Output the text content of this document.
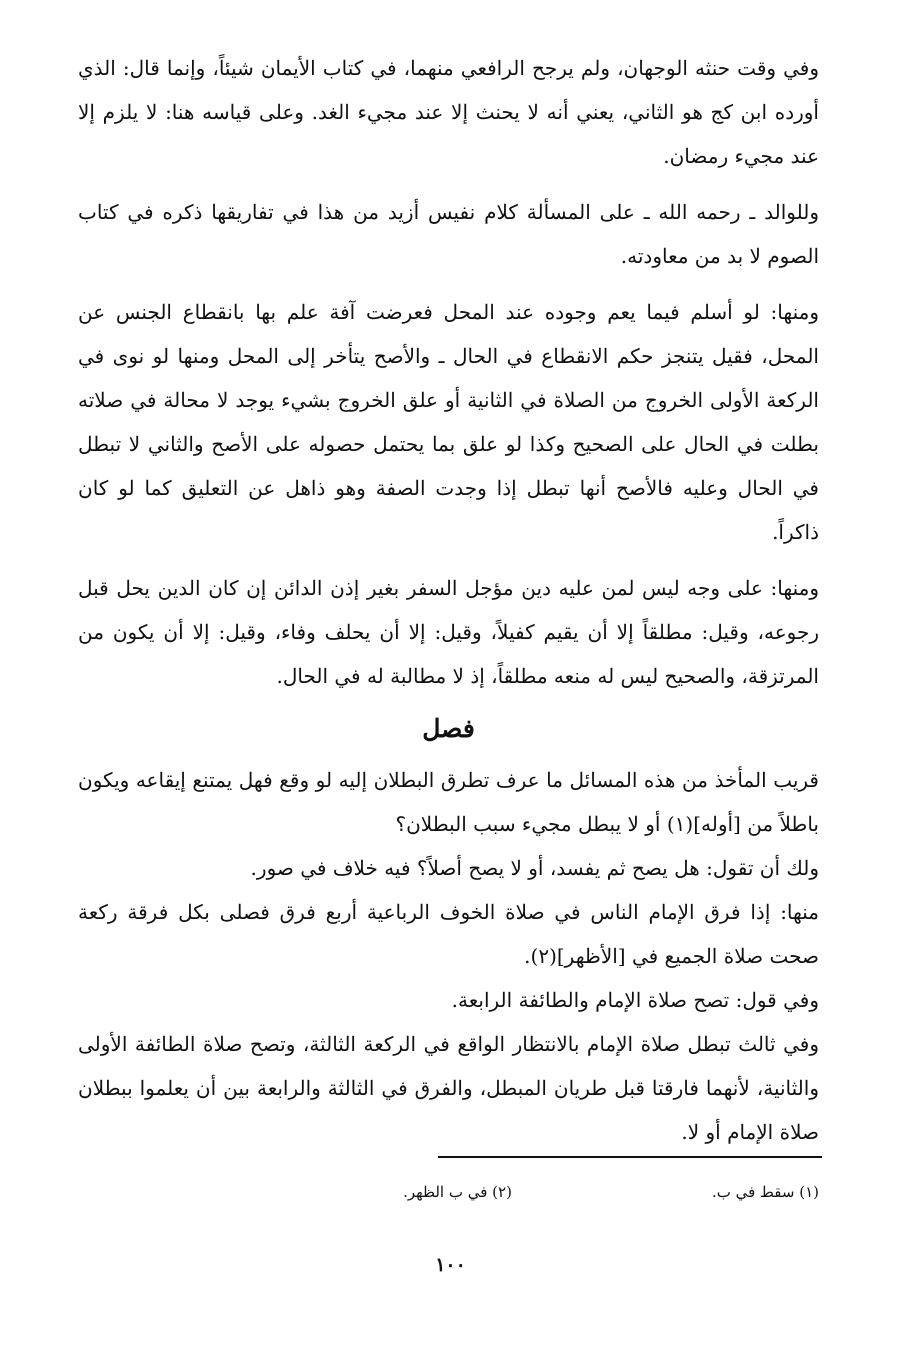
وفي وقت حنثه الوجهان، ولم يرجح الرافعي منهما، في كتاب الأيمان شيئاً، وإنما قال: الذي أورده ابن كج هو الثاني، يعني أنه لا يحنث إلا عند مجيء الغد. وعلى قياسه هنا: لا يلزم إلا عند مجيء رمضان.

وللوالد ـ رحمه الله ـ على المسألة كلام نفيس أزيد من هذا في تفاريقها ذكره في كتاب الصوم لا بد من معاودته.

ومنها: لو أسلم فيما يعم وجوده عند المحل فعرضت آفة علم بها بانقطاع الجنس عن المحل، فقيل يتنجز حكم الانقطاع في الحال ـ والأصح يتأخر إلى المحل ومنها لو نوى في الركعة الأولى الخروج من الصلاة في الثانية أو علق الخروج بشيء يوجد لا محالة في صلاته بطلت في الحال على الصحيح وكذا لو علق بما يحتمل حصوله على الأصح والثاني لا تبطل في الحال وعليه فالأصح أنها تبطل إذا وجدت الصفة وهو ذاهل عن التعليق كما لو كان ذاكراً.

ومنها: على وجه ليس لمن عليه دين مؤجل السفر بغير إذن الدائن إن كان الدين يحل قبل رجوعه، وقيل: مطلقاً إلا أن يقيم كفيلاً، وقيل: إلا أن يحلف وفاء، وقيل: إلا أن يكون من المرتزقة، والصحيح ليس له منعه مطلقاً، إذ لا مطالبة له في الحال.

فصل

قريب المأخذ من هذه المسائل ما عرف تطرق البطلان إليه لو وقع فهل يمتنع إيقاعه ويكون باطلاً من [أوله](١) أو لا يبطل مجيء سبب البطلان؟

ولك أن تقول: هل يصح ثم يفسد، أو لا يصح أصلاً؟ فيه خلاف في صور.

منها: إذا فرق الإمام الناس في صلاة الخوف الرباعية أربع فرق فصلى بكل فرقة ركعة صحت صلاة الجميع في [الأظهر](٢).

وفي قول: تصح صلاة الإمام والطائفة الرابعة.

وفي ثالث تبطل صلاة الإمام بالانتظار الواقع في الركعة الثالثة، وتصح صلاة الطائفة الأولى والثانية، لأنهما فارقتا قبل طريان المبطل، والفرق في الثالثة والرابعة بين أن يعلموا ببطلان صلاة الإمام أو لا.

(١) سقط في ب.
(٢) في ب الظهر.
١٠٠
